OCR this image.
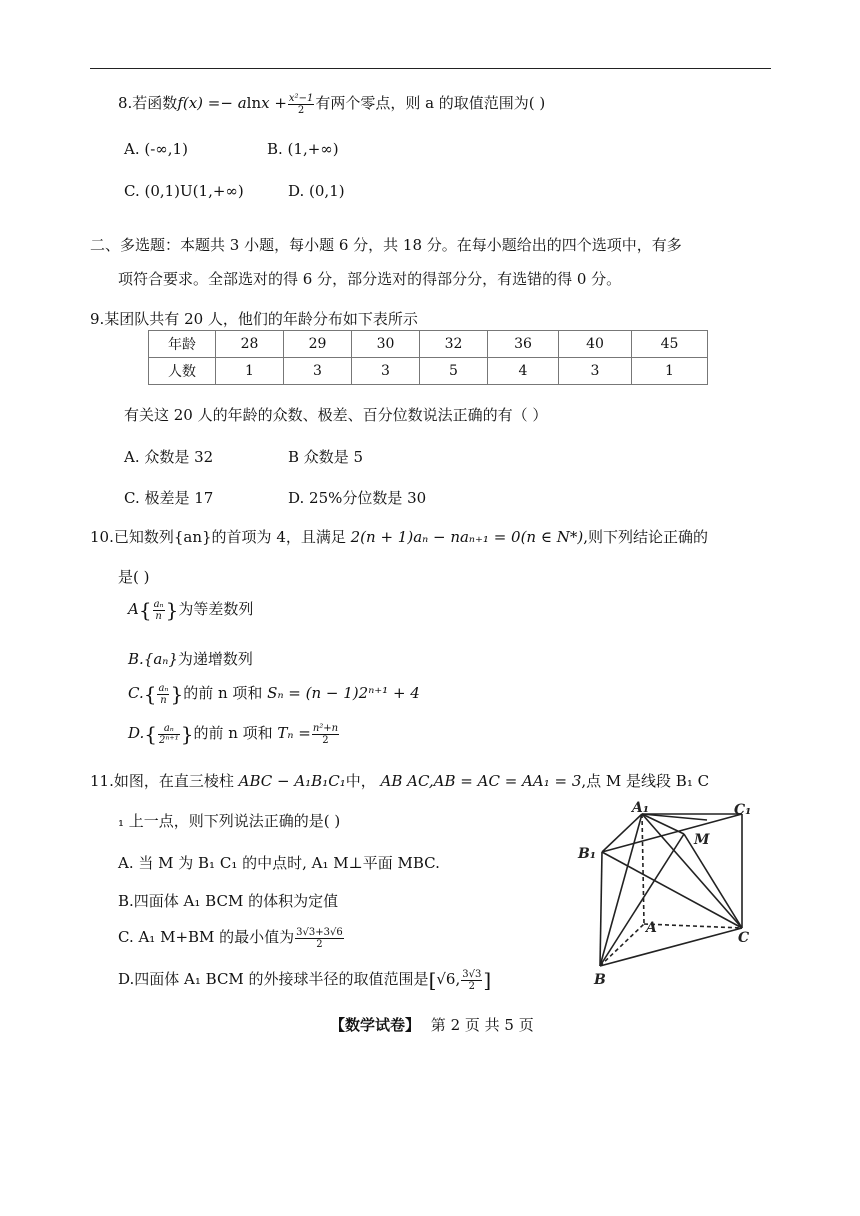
8.若函数$f(x) =- alnx + \frac{\text{x²−1}}{2}$ 有两个零点，则 a 的取值范围为( )
A. (-∞,1)	B. (1,+∞)
C. (0,1)U(1,+∞)	D. (0,1)
二、多选题：本题共 3 小题，每小题 6 分，共 18 分。在每小题给出的四个选项中，有多
项符合要求。全部选对的得 6 分，部分选对的得部分分，有选错的得 0 分。
9.某团队共有 20 人，他们的年龄分布如下表所示
年龄	28	29	30	32	36	40	45
人数	1	3	3	5	4	3	1
有关这 20 人的年龄的众数、极差、百分位数说法正确的有（ ）
A. 众数是 32	B 众数是 5
C. 极差是 17	D. 25%分位数是 30
10.已知数列{an}的首项为 4，且满足 2(n + 1)aₙ − naₙ₊₁ = 0(n ∈ N*),则下列结论正确的
是( )
$A\{ \frac{\text{aₙ}}{n}$ }为等差数列
B.{aₙ}为递增数列
$C.\{ \frac{\text{aₙ}}{n}$ }的前 n 项和 Sₙ = (n − 1)2ⁿ⁺¹ + 4
$D.\{ \frac{\text{aₙ}}{\text{2ⁿ⁺¹}}$ }的前 n 项和 $T_n = \frac{\text{n²+n}}{2}$
11.如图，在直三棱柱 ABC − A₁B₁C₁中， AB AC,AB = AC = AA₁ = 3,点 M 是线段 B₁ C
₁ 上一点，则下列说法正确的是( )
A. 当 M 为 B₁ C₁ 的中点时, A₁ M⊥平面 MBC.
B.四面体 A₁ BCM 的体积为定值
C. A₁ M+BM 的最小值为 $\frac{3√3+3√6}{2}$
D.四面体 A₁ BCM 的外接球半径的取值范围是[√6, $\frac{3√3}{2}$ ]
A₁	C₁
B₁
M
A
C
B
【数学试卷】 第 2 页 共 5 页
